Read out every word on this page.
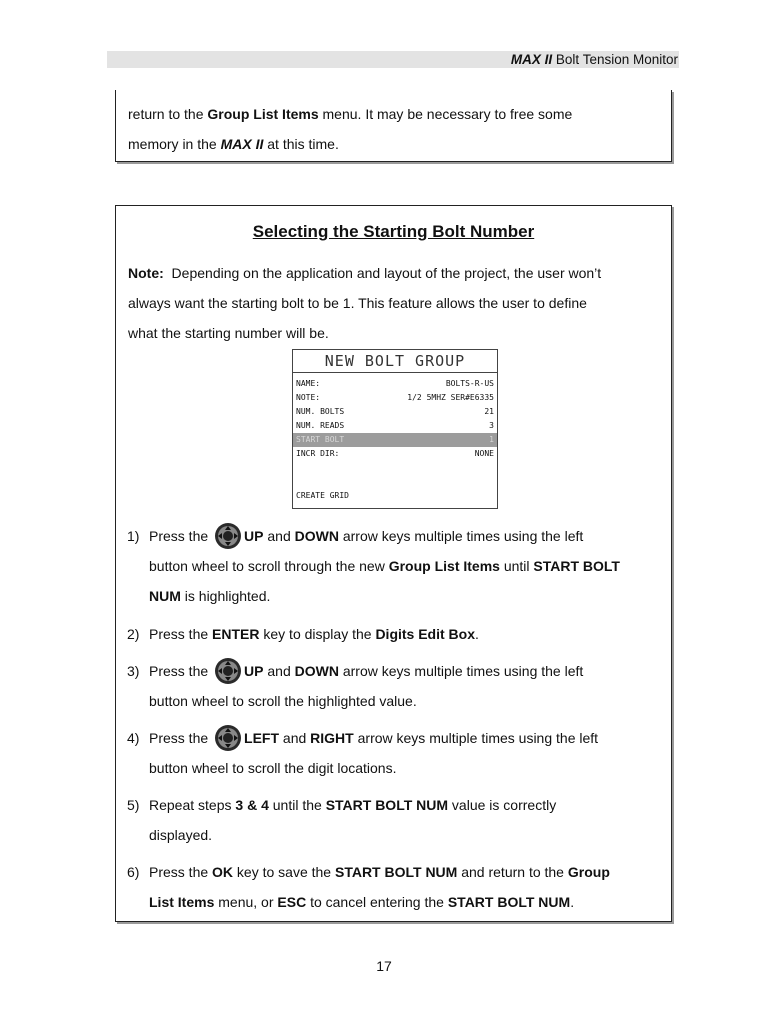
MAX II Bolt Tension Monitor
return to the Group List Items menu. It may be necessary to free some
memory in the MAX II at this time.
Selecting the Starting Bolt Number
Note:  Depending on the application and layout of the project, the user won’t
always want the starting bolt to be 1. This feature allows the user to define
what the starting number will be.
NEW BOLT GROUP
NAME:	BOLTS-R-US
NOTE:	1/2 5MHZ SER#E6335
NUM. BOLTS	21
NUM. READS	3
START BOLT	1
INCR DIR:	NONE
CREATE GRID
1) Press the UP and DOWN arrow keys multiple times using the left
button wheel to scroll through the new Group List Items until START BOLT
NUM is highlighted.
2) Press the ENTER key to display the Digits Edit Box.
3) Press the UP and DOWN arrow keys multiple times using the left
button wheel to scroll the highlighted value.
4) Press the LEFT and RIGHT arrow keys multiple times using the left
button wheel to scroll the digit locations.
5) Repeat steps 3 & 4 until the START BOLT NUM value is correctly
displayed.
6) Press the OK key to save the START BOLT NUM and return to the Group
List Items menu, or ESC to cancel entering the START BOLT NUM.
17
